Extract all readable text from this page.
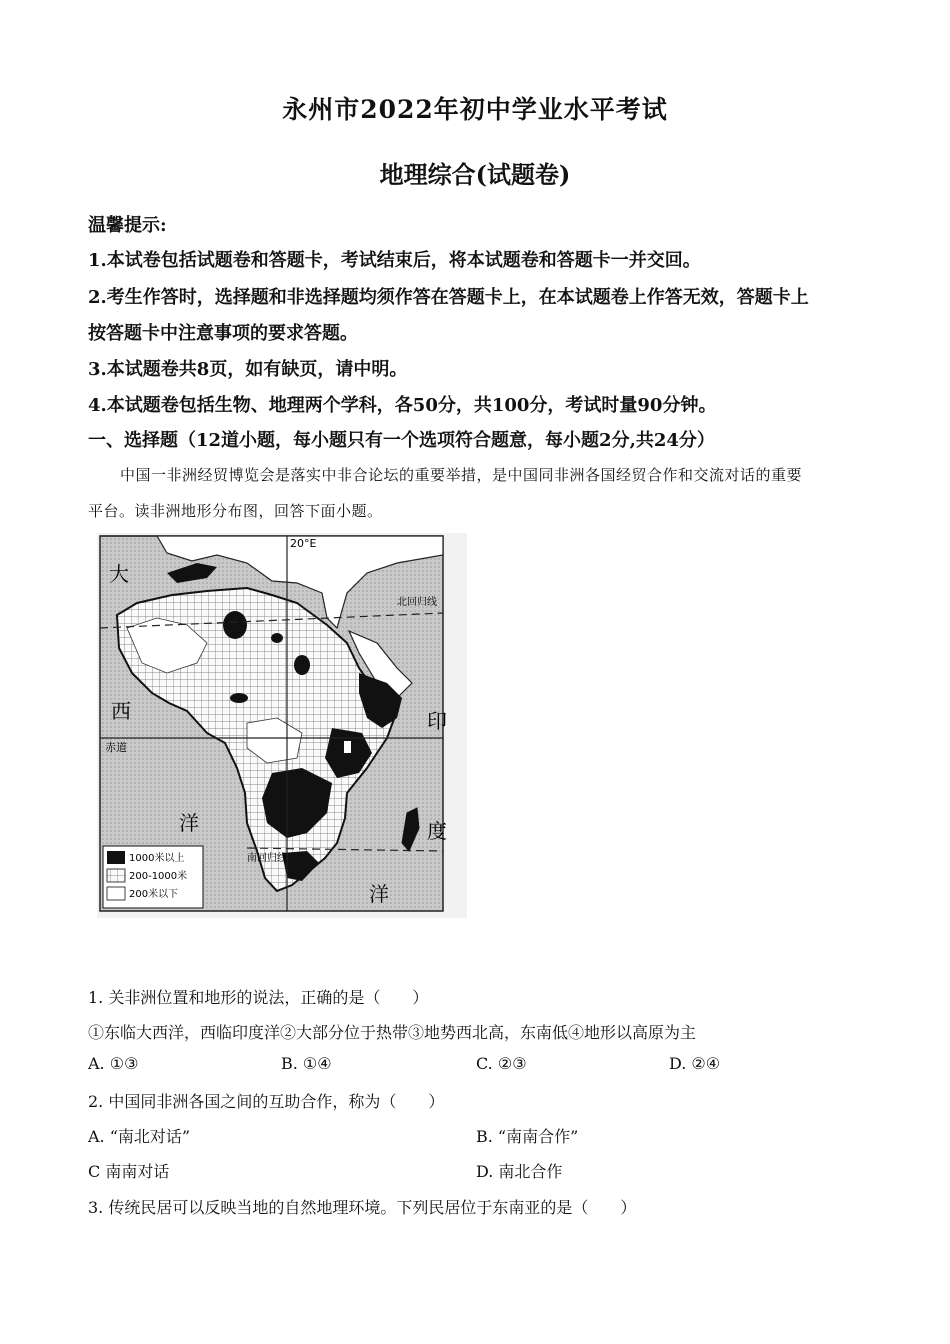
永州市2022年初中学业水平考试
地理综合(试题卷)
温馨提示:
1.本试卷包括试题卷和答题卡，考试结束后，将本试题卷和答题卡一并交回。
2.考生作答时，选择题和非选择题均须作答在答题卡上，在本试题卷上作答无效，答题卡上
按答题卡中注意事项的要求答题。
3.本试题卷共8页，如有缺页，请中明。
4.本试题卷包括生物、地理两个学科，各50分，共100分，考试时量90分钟。
一、选择题（12道小题，每小题只有一个选项符合题意，每小题2分,共24分）
中国一非洲经贸博览会是落实中非合论坛的重要举措，是中国同非洲各国经贸合作和交流对话的重要
平台。读非洲地形分布图，回答下面小题。
20°E
北回归线
南回归线
赤道
大
西
洋
印
度
洋
1000米以上
200-1000米
200米以下
1. 关非洲位置和地形的说法，正确的是（　　）
①东临大西洋，西临印度洋②大部分位于热带③地势西北高，东南低④地形以高原为主
A. ①③	B. ①④	C. ②③	D. ②④
2. 中国同非洲各国之间的互助合作，称为（　　）
A. “南北对话”	B. “南南合作”
C 南南对话	D. 南北合作
3. 传统民居可以反映当地的自然地理环境。下列民居位于东南亚的是（　　）
